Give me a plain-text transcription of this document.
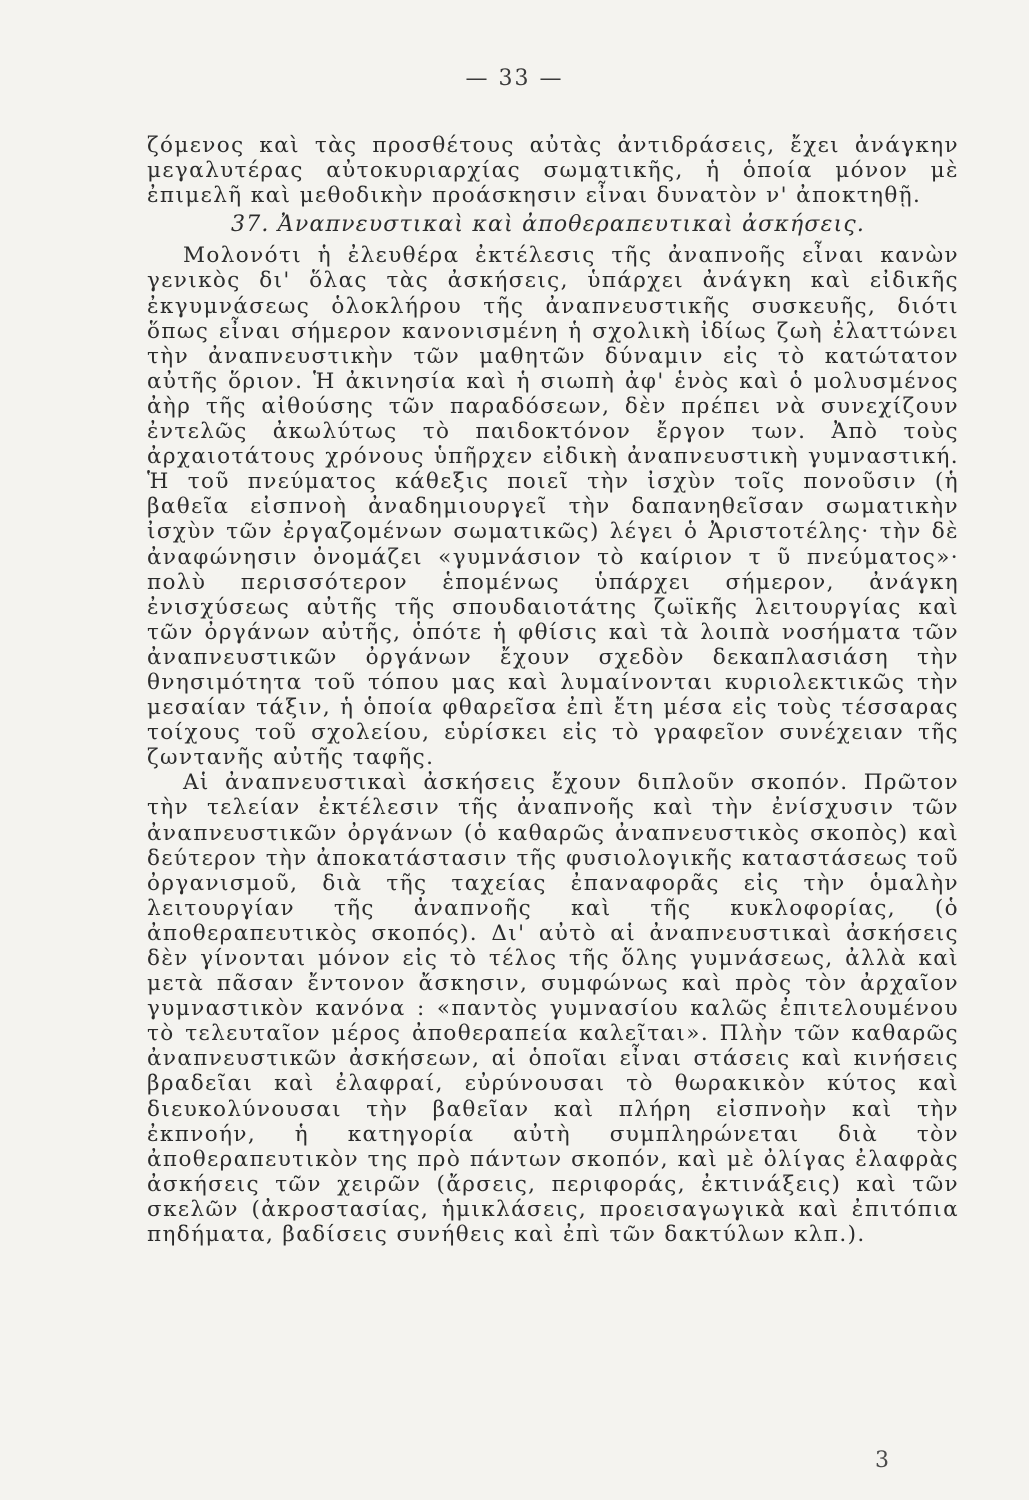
— 33 —

ζόμενος καὶ τὰς προσθέτους αὐτὰς ἀντιδράσεις, ἔχει ἀνάγκην μεγαλυτέρας αὐτοκυριαρχίας σωματικῆς, ἡ ὁποία μόνον μὲ ἐπιμελῆ καὶ μεθοδικὴν προάσκησιν εἶναι δυνατὸν ν' ἀποκτηθῇ.

37. Ἀναπνευστικαὶ καὶ ἀποθεραπευτικαὶ ἀσκήσεις.

Μολονότι ἡ ἐλευθέρα ἐκτέλεσις τῆς ἀναπνοῆς εἶναι κανὼν γενικὸς δι' ὅλας τὰς ἀσκήσεις, ὑπάρχει ἀνάγκη καὶ εἰδικῆς ἐκγυμνάσεως ὁλοκλήρου τῆς ἀναπνευστικῆς συσκευῆς, διότι ὅπως εἶναι σήμερον κανονισμένη ἡ σχολικὴ ἰδίως ζωὴ ἐλαττώνει τὴν ἀναπνευστικὴν τῶν μαθητῶν δύναμιν εἰς τὸ κατώτατον αὐτῆς ὅριον. Ἡ ἀκινησία καὶ ἡ σιωπὴ ἀφ' ἑνὸς καὶ ὁ μολυσμένος ἀὴρ τῆς αἰθούσης τῶν παραδόσεων, δὲν πρέπει νὰ συνεχίζουν ἐντελῶς ἀκωλύτως τὸ παιδοκτόνον ἔργον των. Ἀπὸ τοὺς ἀρχαιοτάτους χρόνους ὑπῆρχεν εἰδικὴ ἀναπνευστικὴ γυμναστική. Ἡ τοῦ πνεύματος κάθεξις ποιεῖ τὴν ἰσχὺν τοῖς πονοῦσιν (ἡ βαθεῖα εἰσπνοὴ ἀναδημιουργεῖ τὴν δαπανηθεῖσαν σωματικὴν ἰσχὺν τῶν ἐργαζομένων σωματικῶς) λέγει ὁ Ἀριστοτέλης· τὴν δὲ ἀναφώνησιν ὀνομάζει «γυμνάσιον τὸ καίριον τ ῦ πνεύματος»· πολὺ περισσότερον ἑπομένως ὑπάρχει σήμερον, ἀνάγκη ἐνισχύσεως αὐτῆς τῆς σπουδαιοτάτης ζωϊκῆς λειτουργίας καὶ τῶν ὀργάνων αὐτῆς, ὁπότε ἡ φθίσις καὶ τὰ λοιπὰ νοσήματα τῶν ἀναπνευστικῶν ὀργάνων ἔχουν σχεδὸν δεκαπλασιάση τὴν θνησιμότητα τοῦ τόπου μας καὶ λυμαίνονται κυριολεκτικῶς τὴν μεσαίαν τάξιν, ἡ ὁποία φθαρεῖσα ἐπὶ ἔτη μέσα εἰς τοὺς τέσσαρας τοίχους τοῦ σχολείου, εὑρίσκει εἰς τὸ γραφεῖον συνέχειαν τῆς ζωντανῆς αὐτῆς ταφῆς.

Αἱ ἀναπνευστικαὶ ἀσκήσεις ἔχουν διπλοῦν σκοπόν. Πρῶτον τὴν τελείαν ἐκτέλεσιν τῆς ἀναπνοῆς καὶ τὴν ἐνίσχυσιν τῶν ἀναπνευστικῶν ὀργάνων (ὁ καθαρῶς ἀναπνευστικὸς σκοπὸς) καὶ δεύτερον τὴν ἀποκατάστασιν τῆς φυσιολογικῆς καταστάσεως τοῦ ὀργανισμοῦ, διὰ τῆς ταχείας ἐπαναφορᾶς εἰς τὴν ὁμαλὴν λειτουργίαν τῆς ἀναπνοῆς καὶ τῆς κυκλοφορίας, (ὁ ἀποθεραπευτικὸς σκοπός). Δι' αὐτὸ αἱ ἀναπνευστικαὶ ἀσκήσεις δὲν γίνονται μόνον εἰς τὸ τέλος τῆς ὅλης γυμνάσεως, ἀλλὰ καὶ μετὰ πᾶσαν ἔντονον ἄσκησιν, συμφώνως καὶ πρὸς τὸν ἀρχαῖον γυμναστικὸν κανόνα : «παντὸς γυμνασίου καλῶς ἐπιτελουμένου τὸ τελευταῖον μέρος ἀποθεραπεία καλεῖται». Πλὴν τῶν καθαρῶς ἀναπνευστικῶν ἀσκήσεων, αἱ ὁποῖαι εἶναι στάσεις καὶ κινήσεις βραδεῖαι καὶ ἐλαφραί, εὐρύνουσαι τὸ θωρακικὸν κύτος καὶ διευκολύνουσαι τὴν βαθεῖαν καὶ πλήρη εἰσπνοὴν καὶ τὴν ἐκπνοήν, ἡ κατηγορία αὐτὴ συμπληρώνεται διὰ τὸν ἀποθεραπευτικὸν της πρὸ πάντων σκοπόν, καὶ μὲ ὀλίγας ἐλαφρὰς ἀσκήσεις τῶν χειρῶν (ἄρσεις, περιφοράς, ἐκτινάξεις) καὶ τῶν σκελῶν (ἀκροστασίας, ἡμικλάσεις, προεισαγωγικὰ καὶ ἐπιτόπια πηδήματα, βαδίσεις συνήθεις καὶ ἐπὶ τῶν δακτύλων κλπ.).

3
